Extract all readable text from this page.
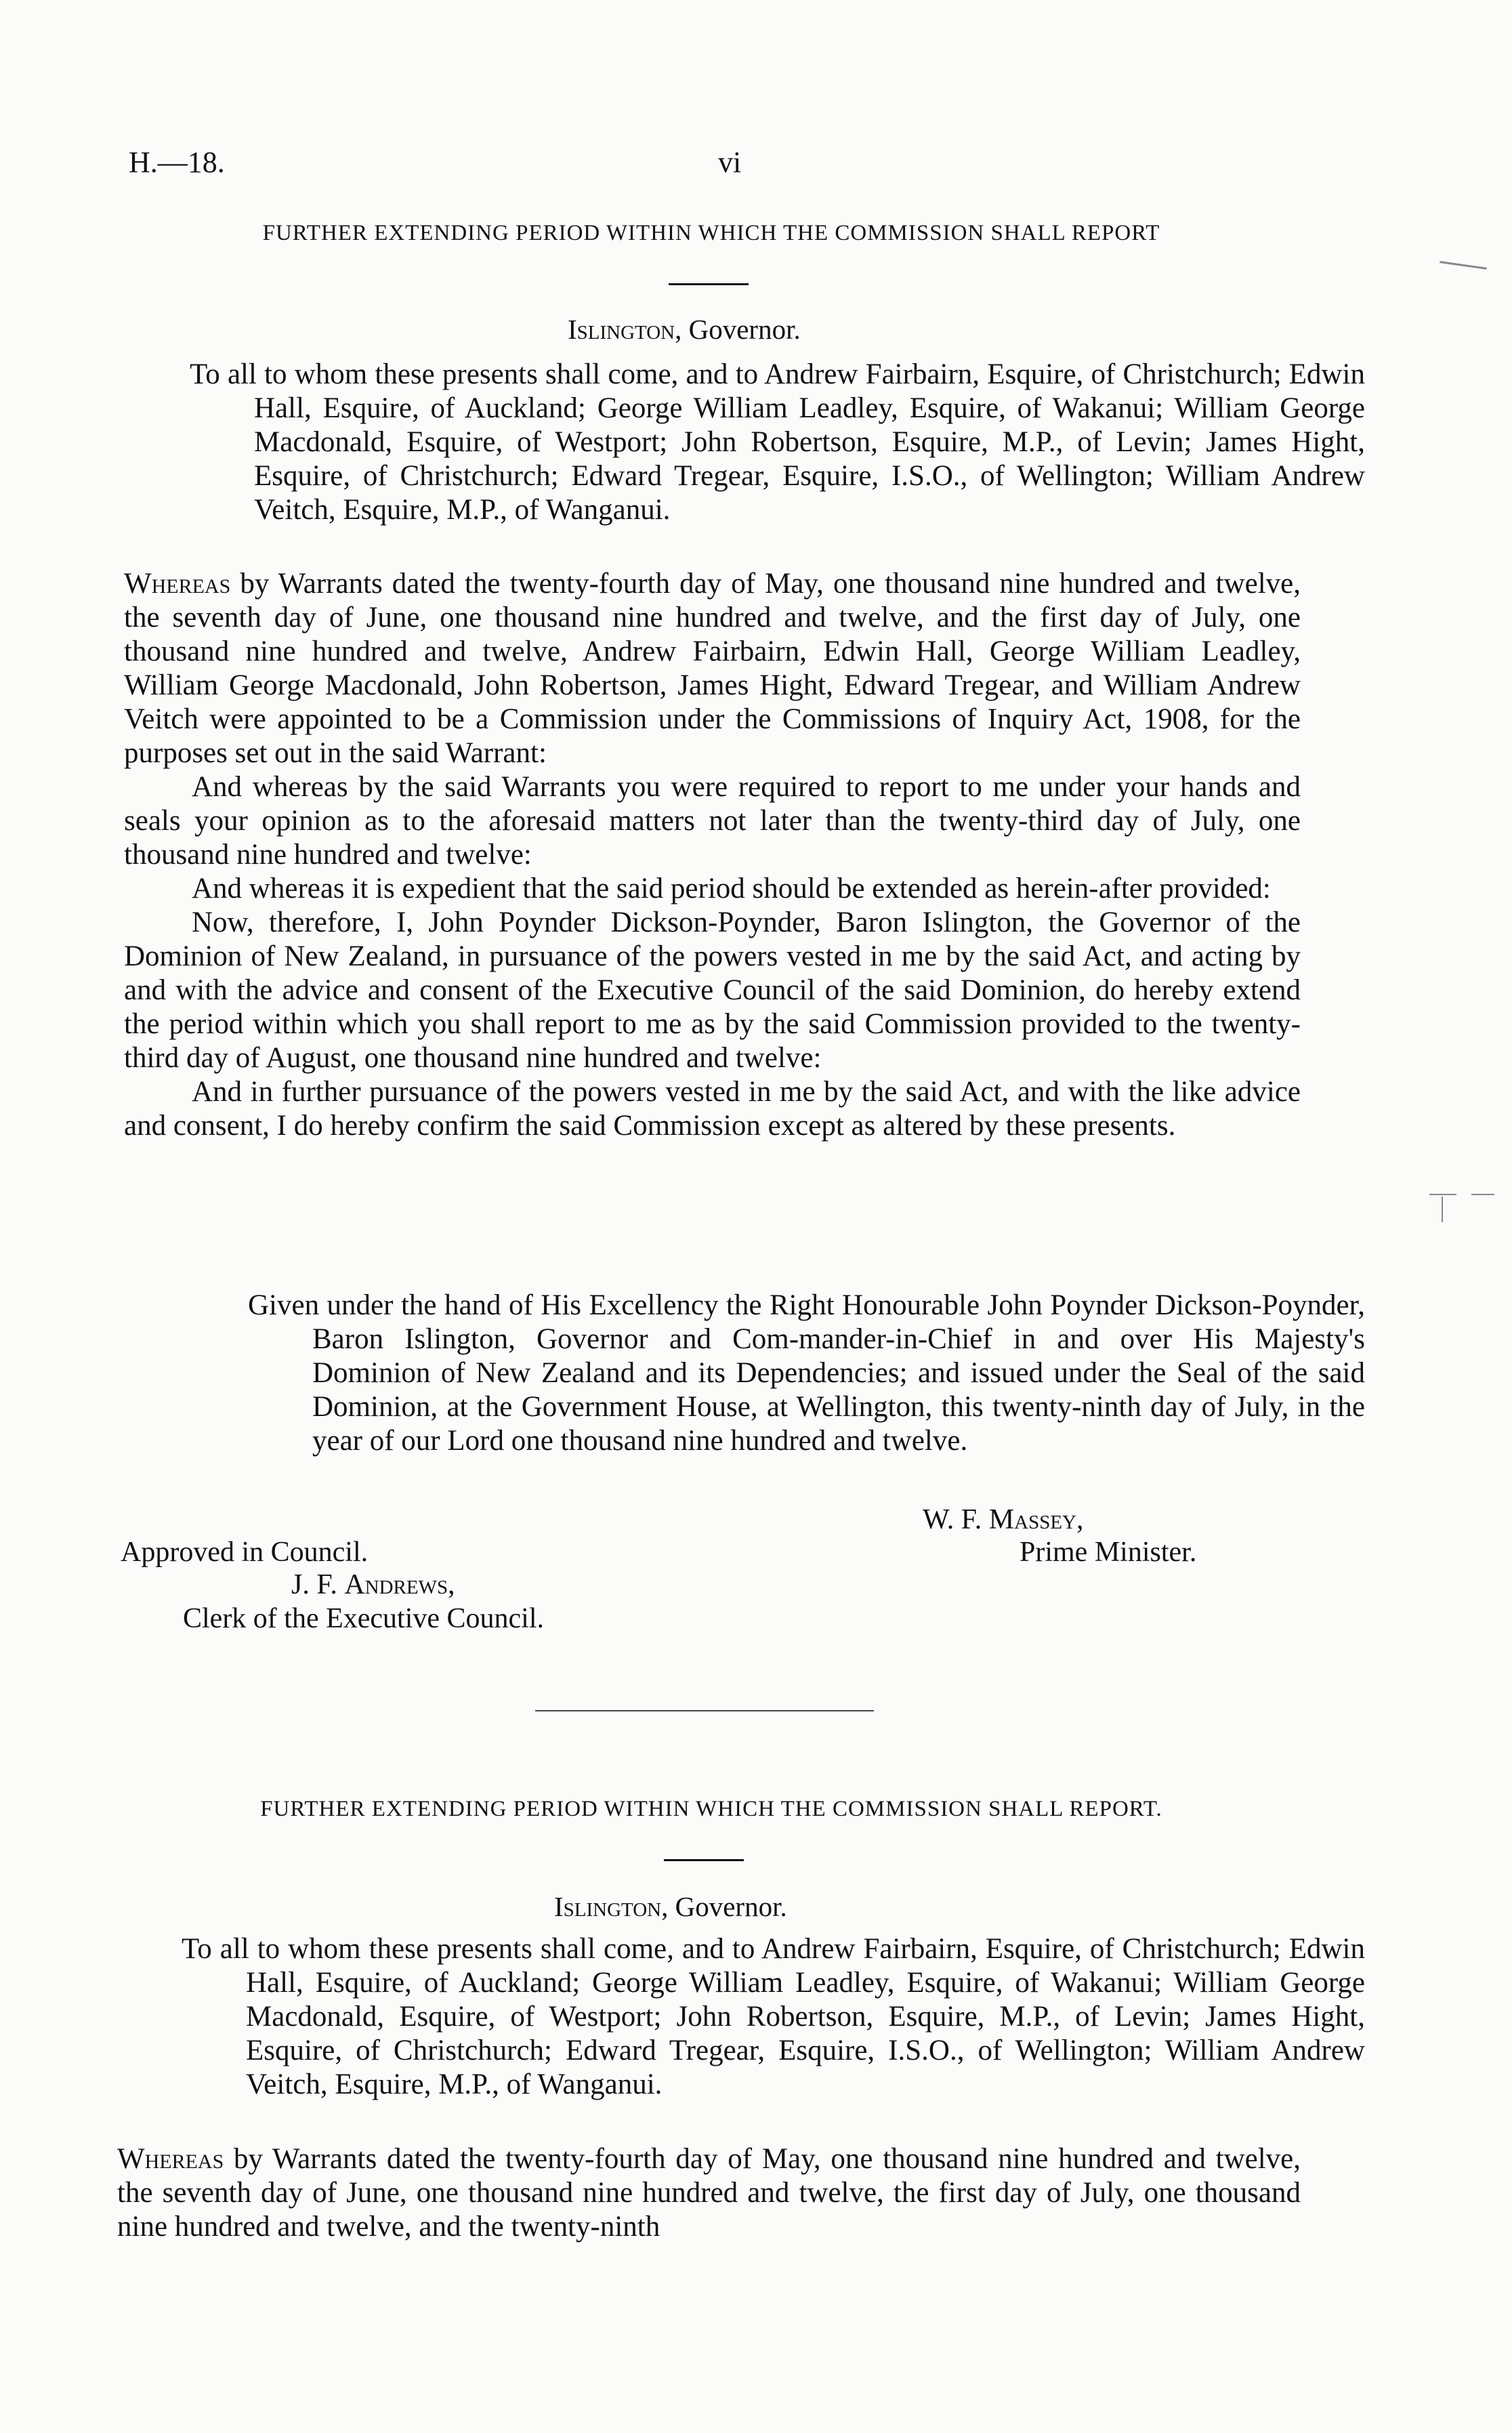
H.—18.	vi
FURTHER EXTENDING PERIOD WITHIN WHICH THE COMMISSION SHALL REPORT
Islington, Governor.

To all to whom these presents shall come, and to Andrew Fairbairn, Esquire, of Christchurch; Edwin Hall, Esquire, of Auckland; George William Leadley, Esquire, of Wakanui; William George Macdonald, Esquire, of Westport; John Robertson, Esquire, M.P., of Levin; James Hight, Esquire, of Christchurch; Edward Tregear, Esquire, I.S.O., of Wellington; William Andrew Veitch, Esquire, M.P., of Wanganui.

Whereas by Warrants dated the twenty-fourth day of May, one thousand nine hundred and twelve, the seventh day of June, one thousand nine hundred and twelve, and the first day of July, one thousand nine hundred and twelve, Andrew Fairbairn, Edwin Hall, George William Leadley, William George Macdonald, John Robertson, James Hight, Edward Tregear, and William Andrew Veitch were appointed to be a Commission under the Commissions of Inquiry Act, 1908, for the purposes set out in the said Warrant:

And whereas by the said Warrants you were required to report to me under your hands and seals your opinion as to the aforesaid matters not later than the twenty-third day of July, one thousand nine hundred and twelve:

And whereas it is expedient that the said period should be extended as herein-after provided:

Now, therefore, I, John Poynder Dickson-Poynder, Baron Islington, the Governor of the Dominion of New Zealand, in pursuance of the powers vested in me by the said Act, and acting by and with the advice and consent of the Executive Council of the said Dominion, do hereby extend the period within which you shall report to me as by the said Commission provided to the twenty-third day of August, one thousand nine hundred and twelve:

And in further pursuance of the powers vested in me by the said Act, and with the like advice and consent, I do hereby confirm the said Commission except as altered by these presents.

Given under the hand of His Excellency the Right Honourable John Poynder Dickson-Poynder, Baron Islington, Governor and Com-mander-in-Chief in and over His Majesty's Dominion of New Zealand and its Dependencies; and issued under the Seal of the said Dominion, at the Government House, at Wellington, this twenty-ninth day of July, in the year of our Lord one thousand nine hundred and twelve.

W. F. Massey,
Prime Minister.
Approved in Council.
J. F. Andrews,
Clerk of the Executive Council.
FURTHER EXTENDING PERIOD WITHIN WHICH THE COMMISSION SHALL REPORT.
Islington, Governor.

To all to whom these presents shall come, and to Andrew Fairbairn, Esquire, of Christchurch; Edwin Hall, Esquire, of Auckland; George William Leadley, Esquire, of Wakanui; William George Macdonald, Esquire, of Westport; John Robertson, Esquire, M.P., of Levin; James Hight, Esquire, of Christchurch; Edward Tregear, Esquire, I.S.O., of Wellington; William Andrew Veitch, Esquire, M.P., of Wanganui.

Whereas by Warrants dated the twenty-fourth day of May, one thousand nine hundred and twelve, the seventh day of June, one thousand nine hundred and twelve, the first day of July, one thousand nine hundred and twelve, and the twenty-ninth
